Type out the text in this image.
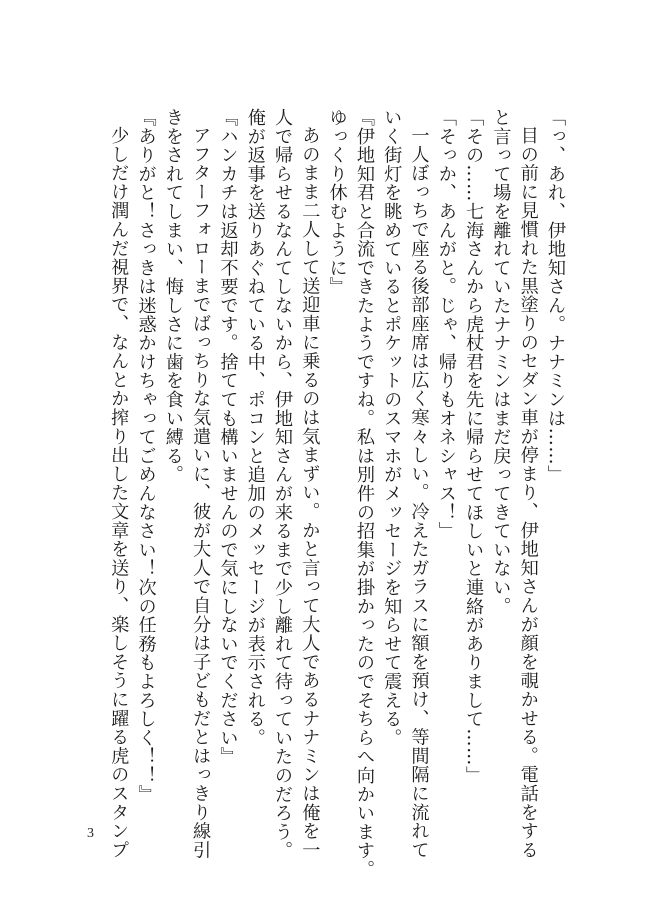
「っ、あれ、伊地知さん。ナナミンは……」

目の前に見慣れた黒塗りのセダン車が停まり、伊地知さんが顔を覗かせる。電話をする

と言って場を離れていたナナミンはまだ戻ってきていない。

「その……七海さんから虎杖君を先に帰らせてほしいと連絡がありまして……」

「そっか、あんがと。じゃ、帰りもオネシャス！」

一人ぼっちで座る後部座席は広く寒々しい。冷えたガラスに額を預け、等間隔に流れて

いく街灯を眺めているとポケットのスマホがメッセージを知らせて震える。

『伊地知君と合流できたようですね。私は別件の招集が掛かったのでそちらへ向かいます。

ゆっくり休むように』

あのまま二人して送迎車に乗るのは気まずい。かと言って大人であるナナミンは俺を一

人で帰らせるなんてしないから、伊地知さんが来るまで少し離れて待っていたのだろう。

俺が返事を送りあぐねている中、ポコンと追加のメッセージが表示される。

『ハンカチは返却不要です。捨てても構いませんので気にしないでください』

アフターフォローまでばっちりな気遣いに、彼が大人で自分は子どもだとはっきり線引

きをされてしまい、悔しさに歯を食い縛る。

『ありがと！さっきは迷惑かけちゃってごめんなさい！次の任務もよろしく！！』

少しだけ潤んだ視界で、なんとか搾り出した文章を送り、楽しそうに躍る虎のスタンプ

3
